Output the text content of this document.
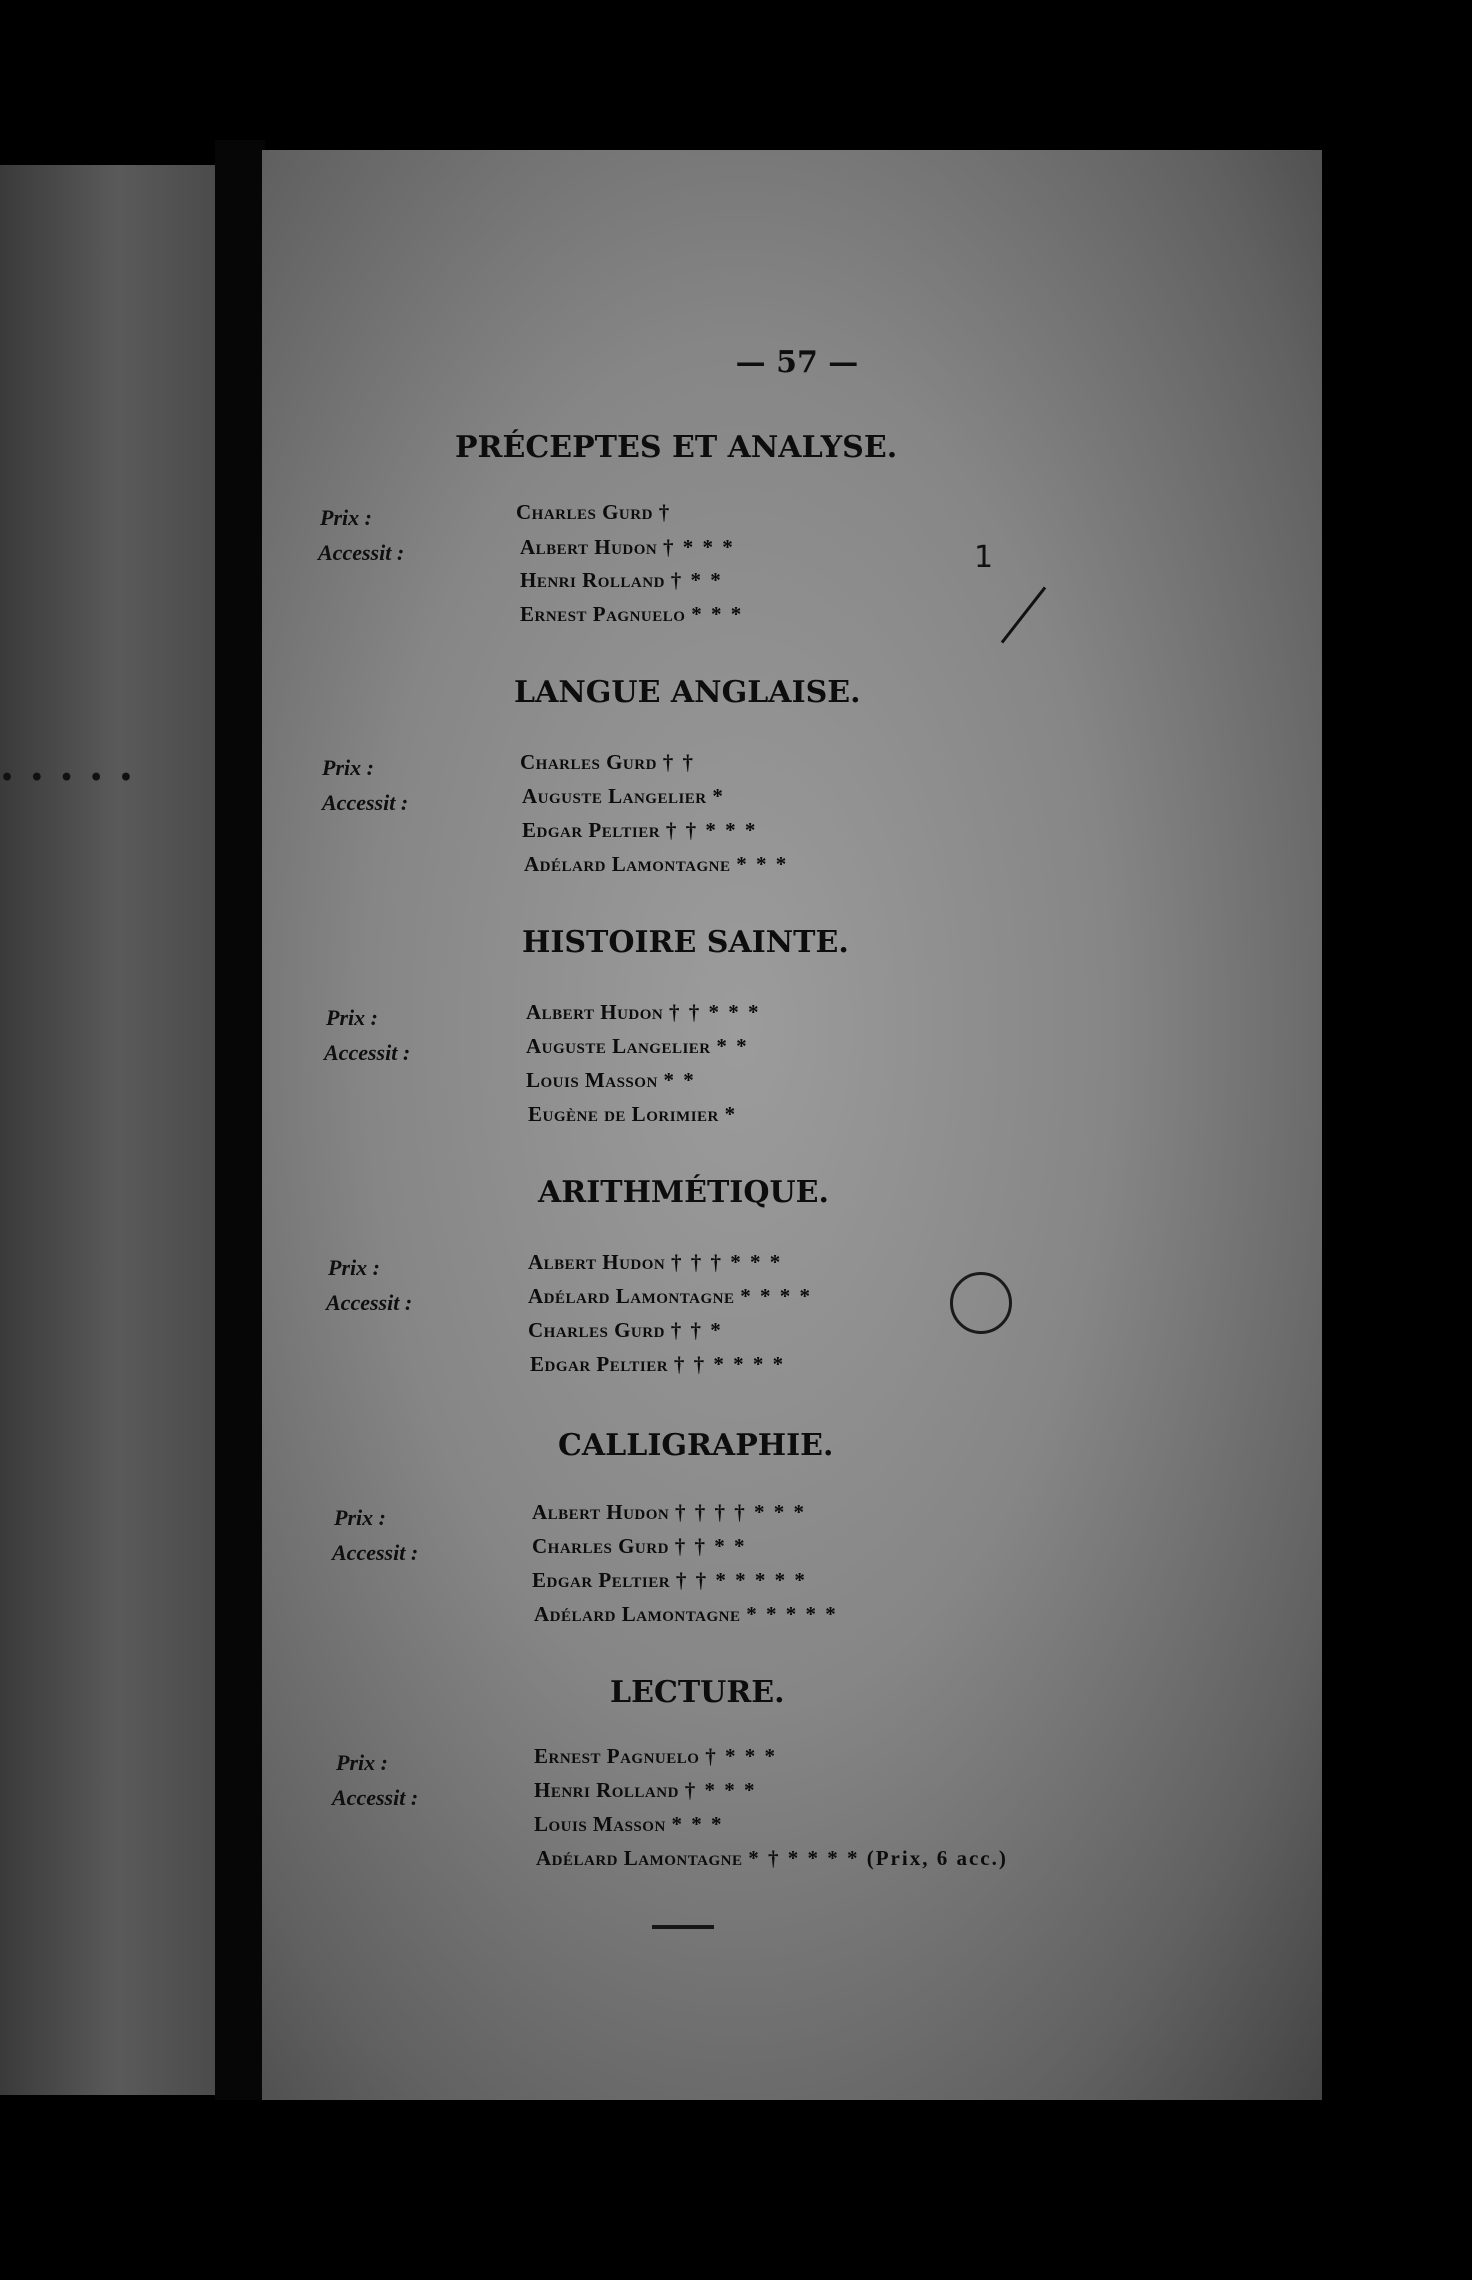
• • • • •
— 57 —
PRÉCEPTES ET ANALYSE.
Prix :
Accessit :
Charles Gurd †
Albert Hudon † * * *
Henri Rolland † * *
Ernest Pagnuelo * * *
LANGUE ANGLAISE.
Prix :
Accessit :
Charles Gurd † †
Auguste Langelier *
Edgar Peltier † † * * *
Adélard Lamontagne * * *
HISTOIRE SAINTE.
Prix :
Accessit :
Albert Hudon † † * * *
Auguste Langelier * *
Louis Masson * *
Eugène de Lorimier *
ARITHMÉTIQUE.
Prix :
Accessit :
Albert Hudon † † † * * *
Adélard Lamontagne * * * *
Charles Gurd † † *
Edgar Peltier † † * * * *
CALLIGRAPHIE.
Prix :
Accessit :
Albert Hudon † † † † * * *
Charles Gurd † † * *
Edgar Peltier † † * * * * *
Adélard Lamontagne * * * * *
LECTURE.
Prix :
Accessit :
Ernest Pagnuelo † * * *
Henri Rolland † * * *
Louis Masson * * *
Adélard Lamontagne * † * * * * (Prix, 6 acc.)
1
